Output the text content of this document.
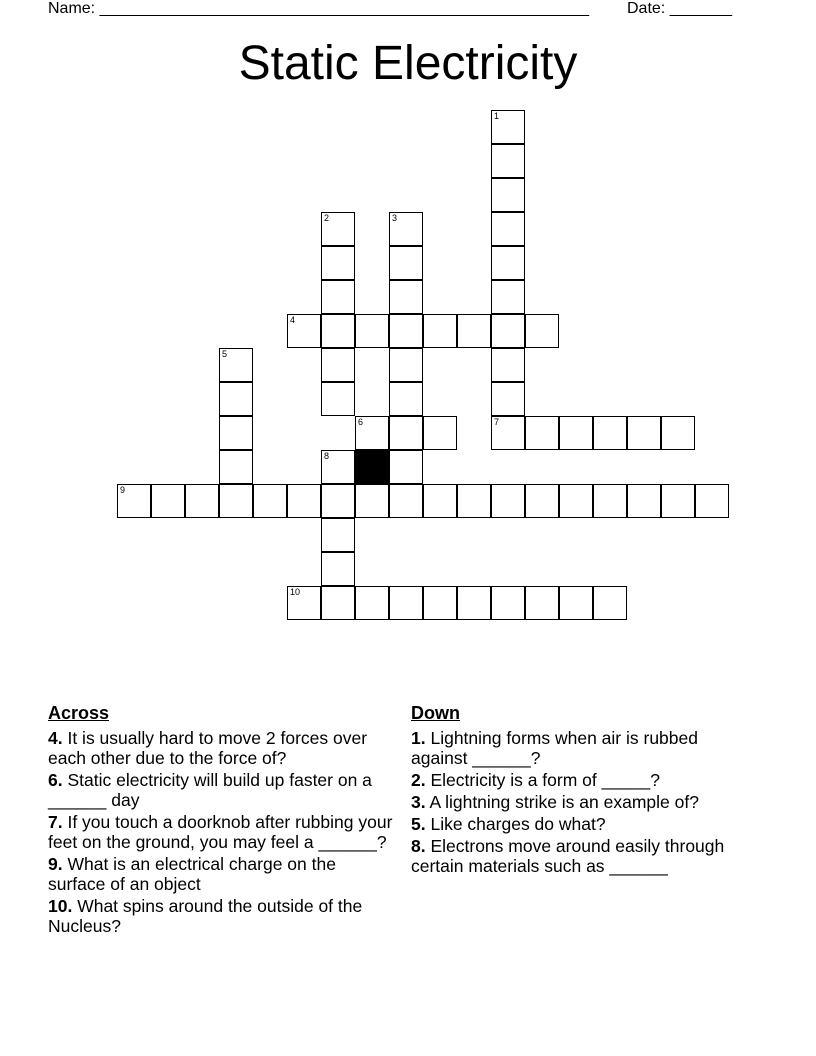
Name: _______________________________________________________ Date: _______
Static Electricity
1
2	3
4
5
6	7
8
9
10
Across
4. It is usually hard to move 2 forces over each other due to the force of?
6. Static electricity will build up faster on a ______ day
7. If you touch a doorknob after rubbing your feet on the ground, you may feel a ______?
9. What is an electrical charge on the surface of an object
10. What spins around the outside of the Nucleus?
Down
1. Lightning forms when air is rubbed against ______?
2. Electricity is a form of _____?
3. A lightning strike is an example of?
5. Like charges do what?
8. Electrons move around easily through certain materials such as ______
